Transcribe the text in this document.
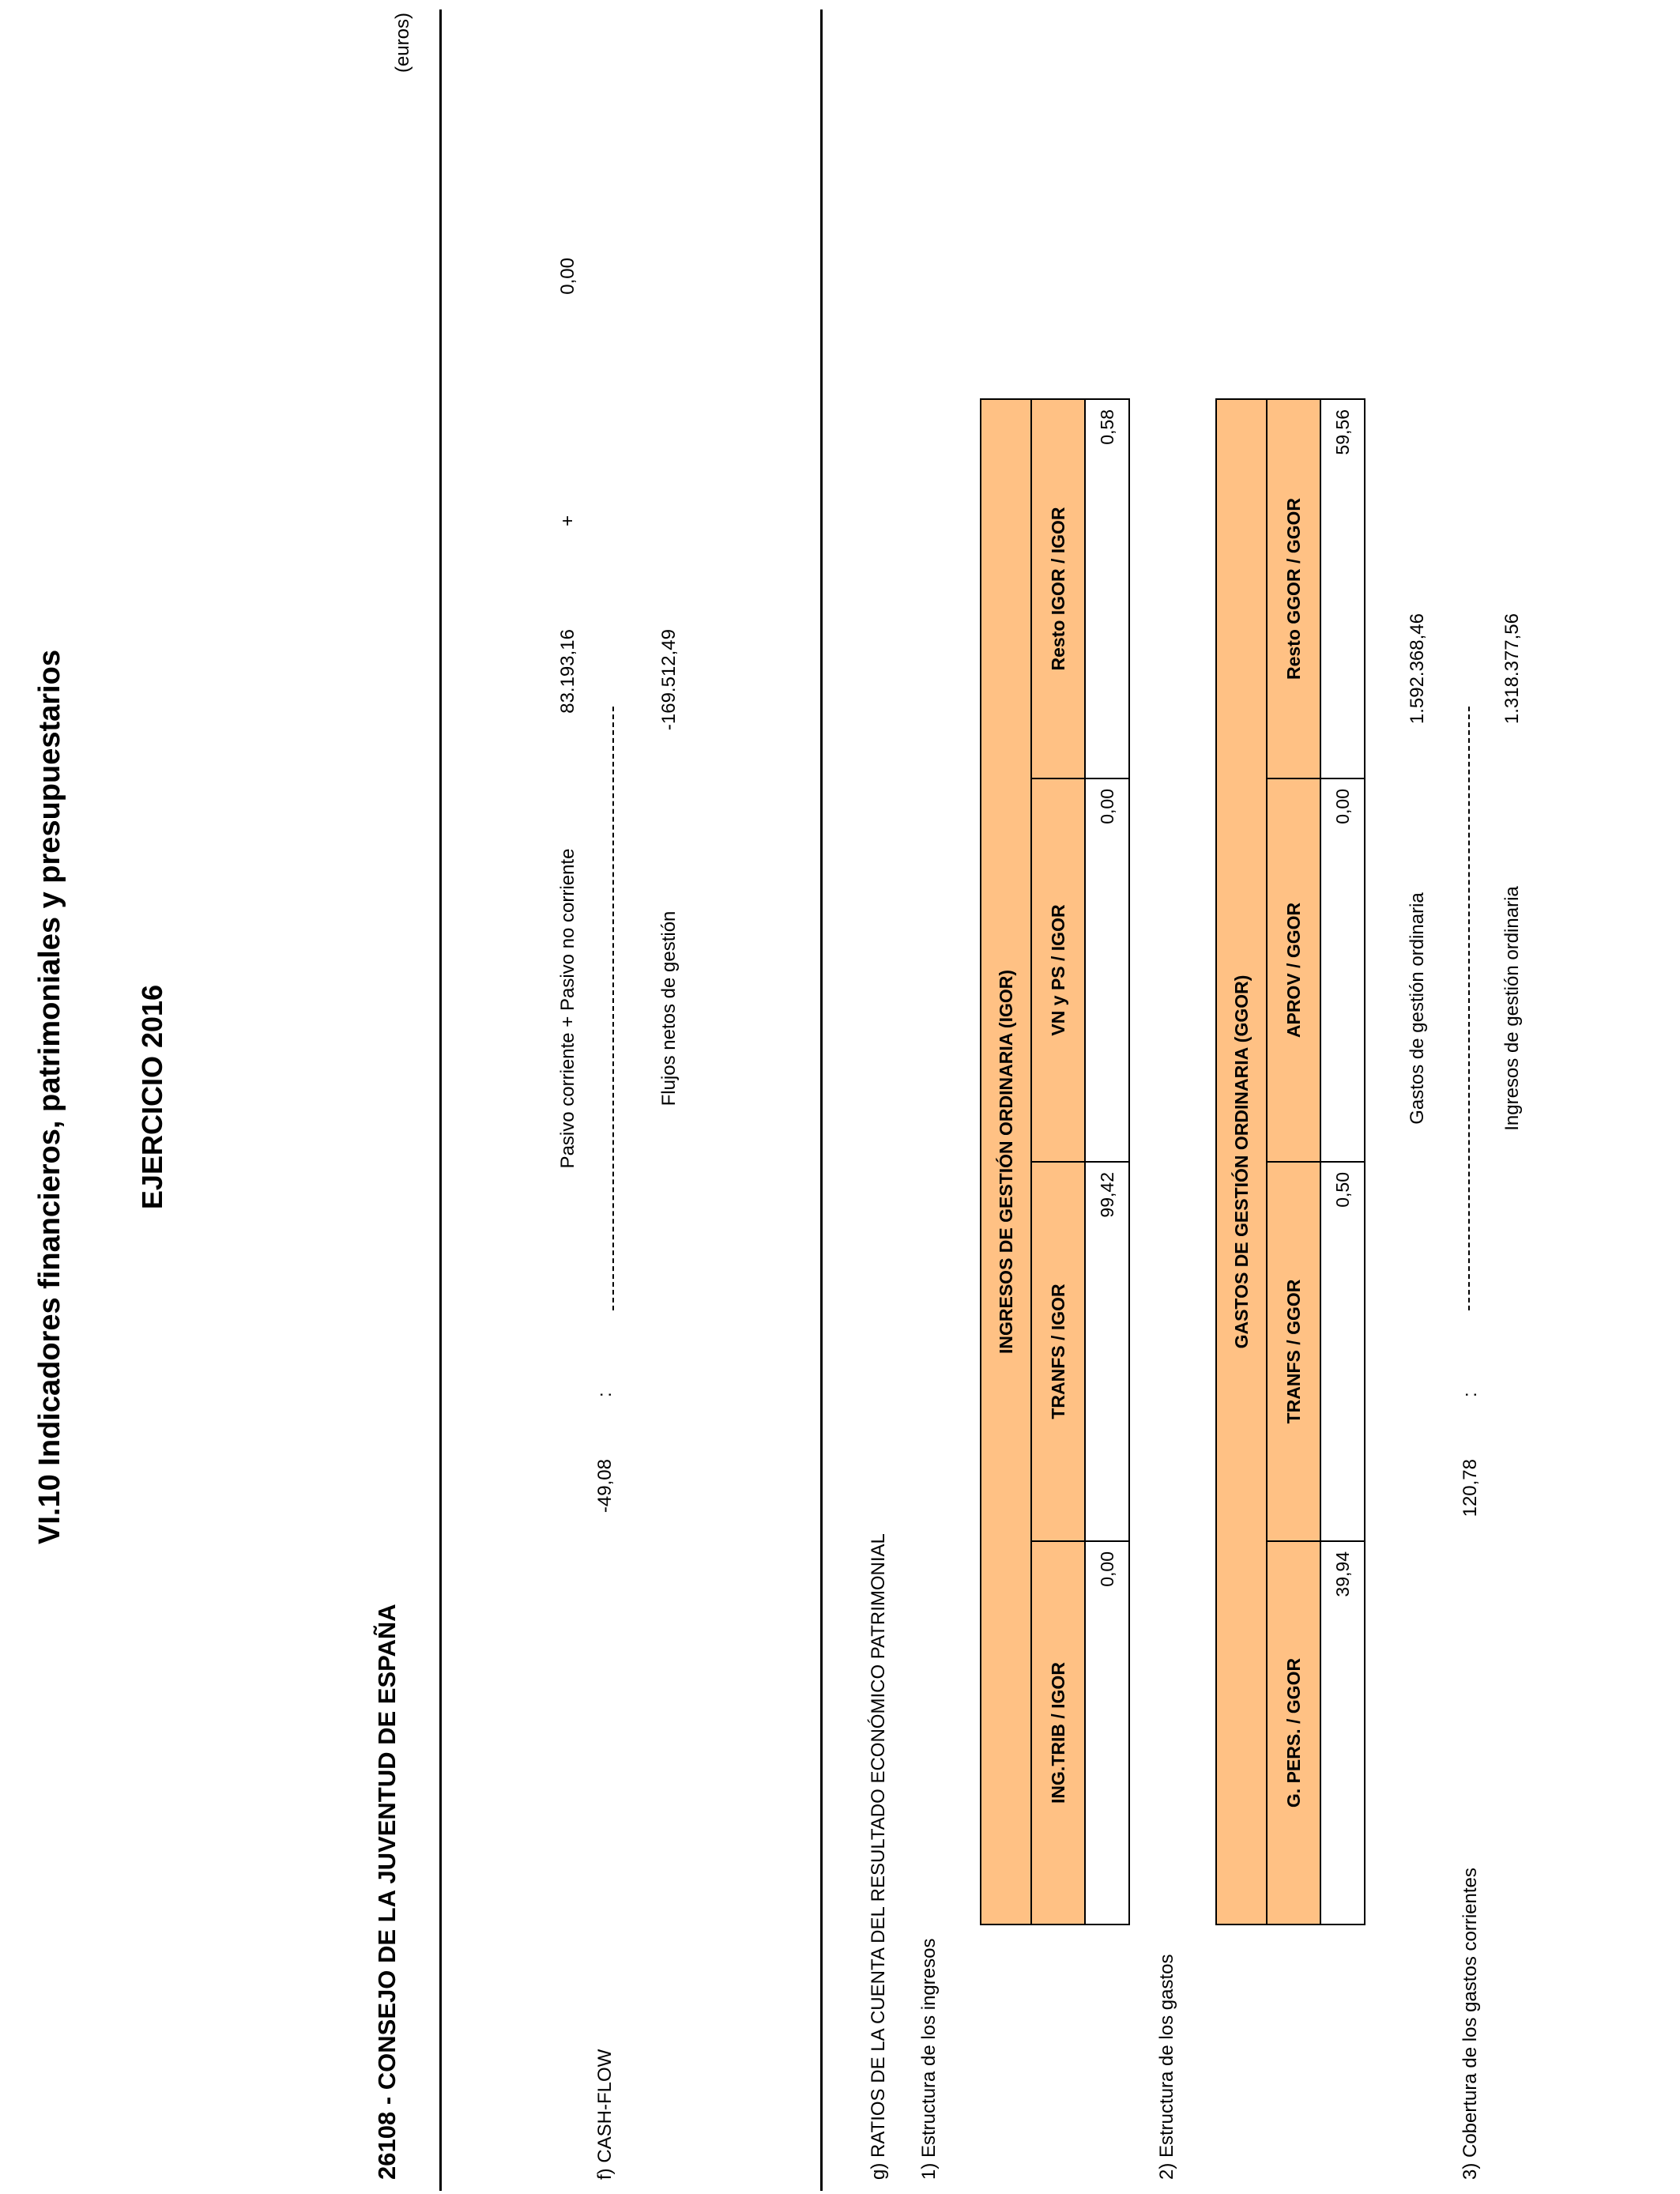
VI.10 Indicadores financieros, patrimoniales y presupuestarios EJERCICIO 2016
(euros)
26108 - CONSEJO DE LA JUVENTUD DE ESPAÑA	f) CASH-FLOW
-49,08
:
Pasivo corriente + Pasivo no corriente
83.193,16
+
0,00
Flujos netos de gestión
-169.512,49
g) RATIOS DE LA CUENTA DEL RESULTADO ECONÓMICO PATRIMONIAL 1) Estructura de los ingresos
INGRESOS DE GESTIÓN ORDINARIA (IGOR)			
ING.TRIB / IGOR	TRANFS / IGOR	VN y PS / IGOR	Resto IGOR / IGOR
0,00	99,42	0,00	0,58
2) Estructura de los gastos
GASTOS DE GESTIÓN ORDINARIA (GGOR)			
G. PERS. / GGOR	TRANFS / GGOR	APROV / GGOR	Resto GGOR / GGOR
39,94	0,50	0,00	59,56
3) Cobertura de los gastos corrientes
120,78
:
Gastos de gestión ordinaria
1.592.368,46
Ingresos de gestión ordinaria
1.318.377,56
